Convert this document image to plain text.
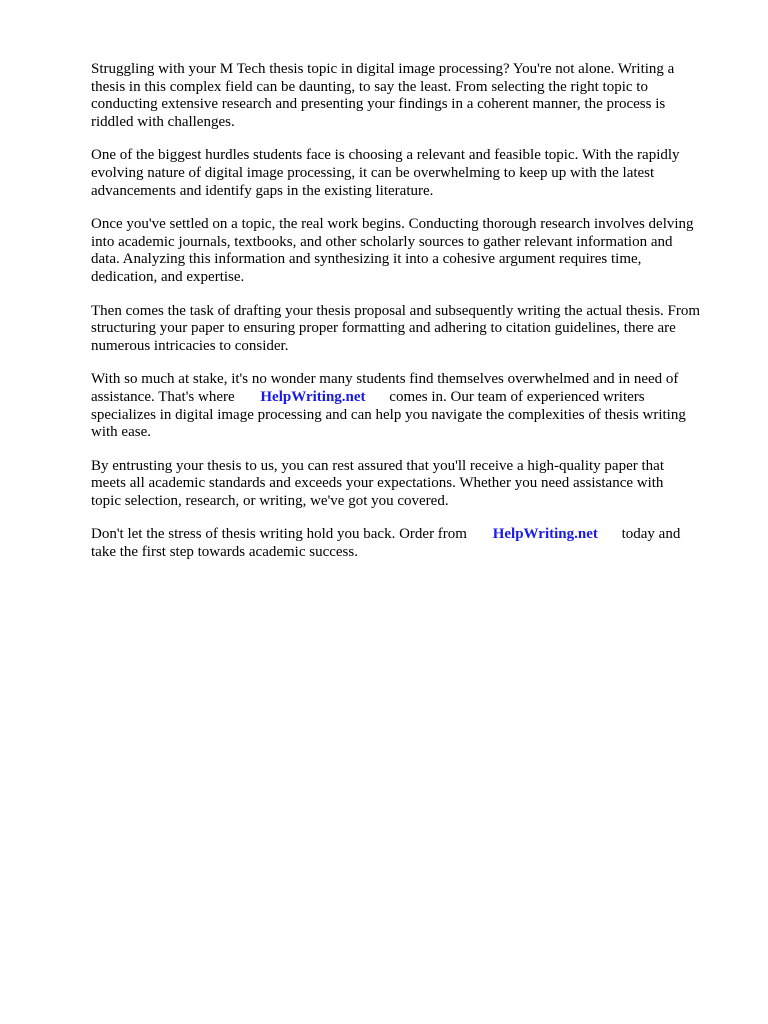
Struggling with your M Tech thesis topic in digital image processing? You're not alone. Writing a
thesis in this complex field can be daunting, to say the least. From selecting the right topic to
conducting extensive research and presenting your findings in a coherent manner, the process is
riddled with challenges.

One of the biggest hurdles students face is choosing a relevant and feasible topic. With the rapidly
evolving nature of digital image processing, it can be overwhelming to keep up with the latest
advancements and identify gaps in the existing literature.

Once you've settled on a topic, the real work begins. Conducting thorough research involves delving
into academic journals, textbooks, and other scholarly sources to gather relevant information and
data. Analyzing this information and synthesizing it into a cohesive argument requires time,
dedication, and expertise.

Then comes the task of drafting your thesis proposal and subsequently writing the actual thesis. From
structuring your paper to ensuring proper formatting and adhering to citation guidelines, there are
numerous intricacies to consider.

With so much at stake, it's no wonder many students find themselves overwhelmed and in need of
assistance. That's where HelpWriting.net comes in. Our team of experienced writers
specializes in digital image processing and can help you navigate the complexities of thesis writing
with ease.

By entrusting your thesis to us, you can rest assured that you'll receive a high-quality paper that
meets all academic standards and exceeds your expectations. Whether you need assistance with
topic selection, research, or writing, we've got you covered.

Don't let the stress of thesis writing hold you back. Order from HelpWriting.net today and
take the first step towards academic success.
